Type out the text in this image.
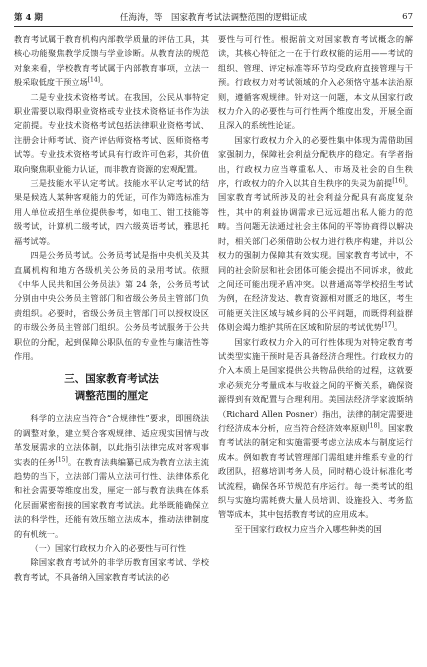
第 4 期	任海涛，等　国家教育考试法调整范围的逻辑证成	67

教育考试属于教育机构内部教学质量的评估工具，其核心功能聚焦教学反馈与学业诊断。从教育法的规范对象来看，学校教育考试属于内部教育事项，立法一般采取低度干预立场[14]。

二是专业技术资格考试。在我国，公民从事特定职业需要以取得职业资格或专业技术资格证书作为法定前提。专业技术资格考试包括法律职业资格考试、注册会计师考试、资产评估师资格考试、医师资格考试等。专业技术资格考试具有行政许可色彩，其价值取向聚焦职业能力认证，而非教育资源的宏观配置。

三是技能水平认定考试。技能水平认定考试的结果是候选人某种客观能力的凭证，可作为筛选标准为用人单位或招生单位提供参考，如电工、钳工技能等级考试，计算机二级考试，四六级英语考试，雅思托福考试等。

四是公务员考试。公务员考试是指中央机关及其直属机构和地方各级机关公务员的录用考试。依照《中华人民共和国公务员法》第 24 条，公务员考试分别由中央公务员主管部门和省级公务员主管部门负责组织。必要时，省级公务员主管部门可以授权设区的市级公务员主管部门组织。公务员考试服务于公共职位的分配，起到保障公职队伍的专业性与廉洁性等作用。

三、国家教育考试法
调整范围的厘定

科学的立法应当符合“合规律性”要求，即围绕法的调整对象，建立契合客观规律、适应现实国情与改革发展需求的立法体制，以此指引法律完成对客观事实表的任务[15]。在教育法典编纂已成为教育立法主流趋势的当下，立法部门需从立法可行性、法律体系化和社会需要等维度出发，厘定一部与教育法典在体系化层面紧密衔接的国家教育考试法。此举既能确保立法的科学性，还能有效压缩立法成本，推动法律制度的有机统一。

（一）国家行政权力介入的必要性与可行性

除国家教育考试外的非学历教育国家考试、学校教育考试，不具备纳入国家教育考试法的必

要性与可行性。根据前文对国家教育考试概念的解读，其核心特征之一在于行政权能的运用——考试的组织、管理、评定标准等环节均受政府直接管理与干预。行政权力对考试领域的介入必须恪守基本法治原则，遵循客观规律。针对这一问题，本文从国家行政权力介入的必要性与可行性两个维度出发，开展全面且深入的系统性论证。

国家行政权力介入的必要性集中体现为需借助国家强制力，保障社会利益分配秩序的稳定。有学者指出，行政权力应当尊重私人、市场及社会的自生秩序，行政权力的介入以其自生秩序的失灵为前提[16]。国家教育考试所涉及的社会利益分配具有高度复杂性，其中的利益协调需求已远远超出私人能力的范畴。当问题无法通过社会主体间的平等协商得以解决时，相关部门必须借助公权力进行秩序构建，并以公权力的强制力保障其有效实现。国家教育考试中，不同的社会阶层和社会团体可能会提出不同诉求，彼此之间还可能出现矛盾冲突。以普通高等学校招生考试为例，在经济发达、教育资源相对匮乏的地区，考生可能更关注区域与城乡间的公平问题，而既得利益群体则会竭力维护其所在区域和阶层的考试优势[17]。

国家行政权力介入的可行性体现为对特定教育考试类型实施干预时是否具备经济合理性。行政权力的介入本质上是国家提供公共物品供给的过程，这就要求必须充分考量成本与收益之间的平衡关系，确保资源得到有效配置与合理利用。美国法经济学家波斯纳（Richard Allen Posner）指出，法律的制定需要进行经济成本分析，应当符合经济效率原则[18]。国家教育考试法的制定和实施需要考虑立法成本与制度运行成本。例如教育考试管理部门需组建并维系专业的行政团队，招募培训考务人员，同时精心设计标准化考试流程，确保各环节规范有序运行。每一类考试的组织与实施均需耗费大量人员培训、设施投入、考务监管等成本，其中包括教育考试的应用成本。

至于国家行政权力应当介入哪些种类的国
